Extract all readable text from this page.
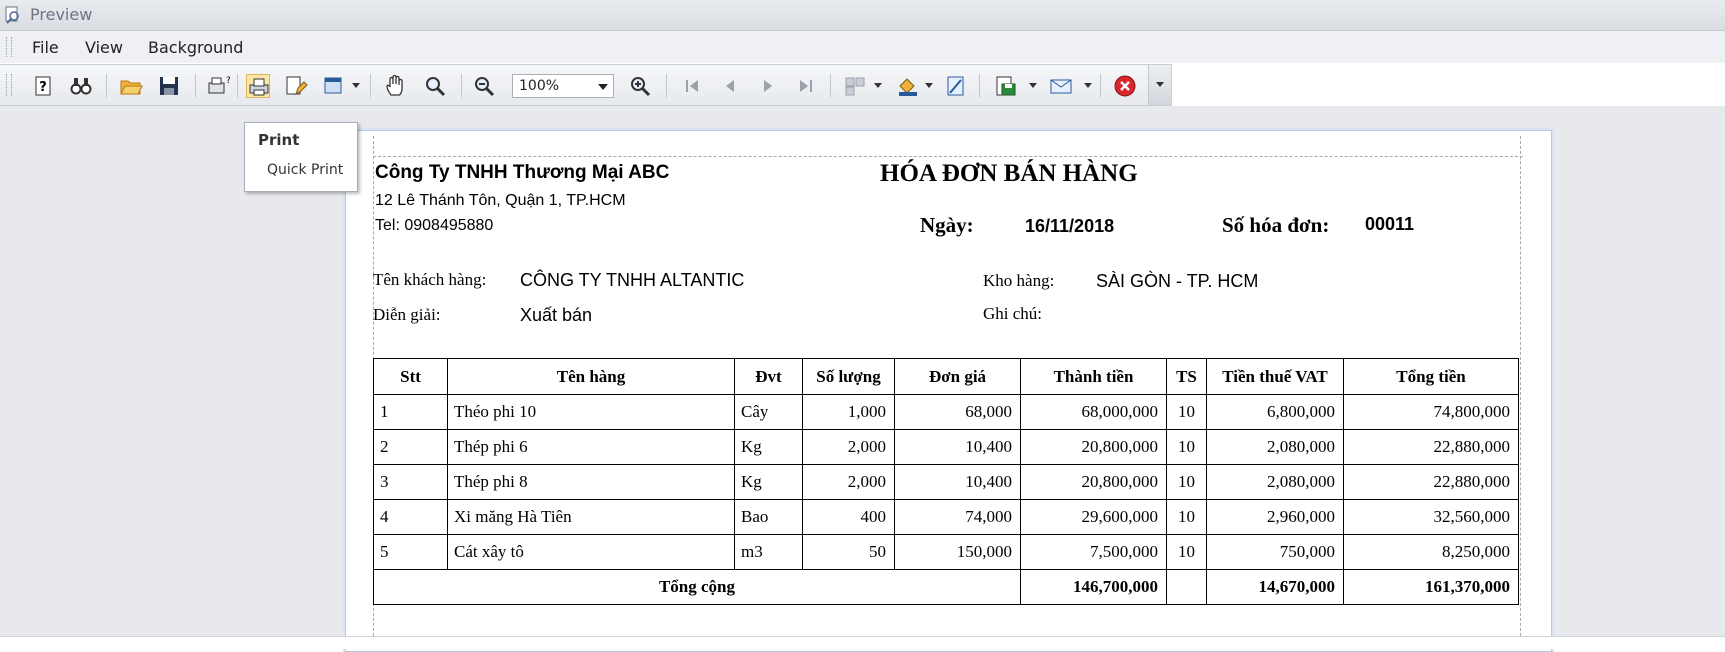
Preview
File View Background
?	?	100%
Print
Quick Print Công Ty TNHH Thương Mại ABC
12 Lê Thánh Tôn, Quận 1, TP.HCM
Tel: 0908495880
HÓA ĐƠN BÁN HÀNG
Ngày:	16/11/2018	Số hóa đơn: 00011
Tên khách hàng: CÔNG TY TNHH ALTANTIC	Kho hàng: SÀI GÒN - TP. HCM
Diễn giải:	Xuất bán	Ghi chú:
Stt	Tên hàng	Đvt	Số lượng	Đơn giá	Thành tiền	TS	Tiền thuế VAT	Tổng tiền
1	Théo phi 10	Cây	1,000	68,000	68,000,000	10	6,800,000	74,800,000
2	Thép phi 6	Kg	2,000	10,400	20,800,000	10	2,080,000	22,880,000
3	Thép phi 8	Kg	2,000	10,400	20,800,000	10	2,080,000	22,880,000
4	Xi măng Hà Tiên	Bao	400	74,000	29,600,000	10	2,960,000	32,560,000
5	Cát xây tô	m3	50	150,000	7,500,000	10	750,000	8,250,000
Tổng cộng					146,700,000		14,670,000	161,370,000
